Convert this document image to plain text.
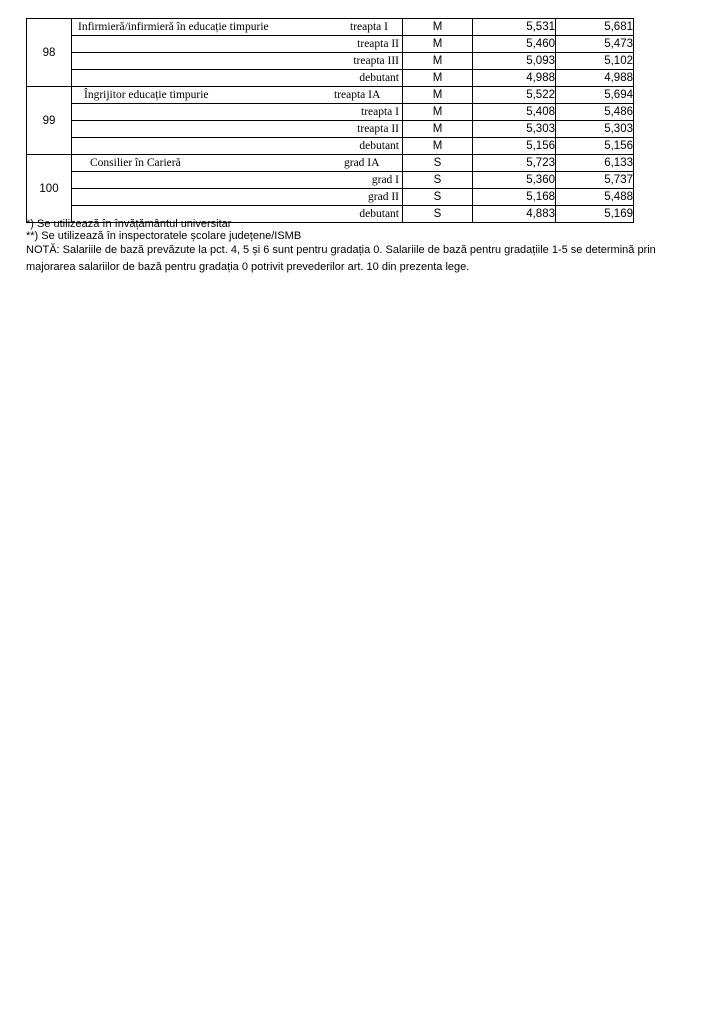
98	Infirmieră/infirmieră în educație timpurie treapta I	M	5,531	5,681

	treapta II	M	5,460	5,473

	treapta III	M	5,093	5,102

	debutant	M	4,988	4,988
99	Îngrijitor educație timpurie treapta IA	M	5,522	5,694

	treapta I	M	5,408	5,486

	treapta II	M	5,303	5,303

	debutant	M	5,156	5,156
100	Consilier în Carieră grad IA	S	5,723	6,133

	grad I	S	5,360	5,737

	grad II	S	5,168	5,488

	debutant	S	4,883	5,169
*) Se utilizează în învățământul universitar
**) Se utilizează în inspectoratele școlare județene/ISMB
NOTĂ: Salariile de bază prevăzute la pct. 4, 5 și 6 sunt pentru gradația 0. Salariile de bază pentru gradațiile 1-5 se determină prin majorarea salariilor de bază pentru gradația 0 potrivit prevederilor art. 10 din prezenta lege.
